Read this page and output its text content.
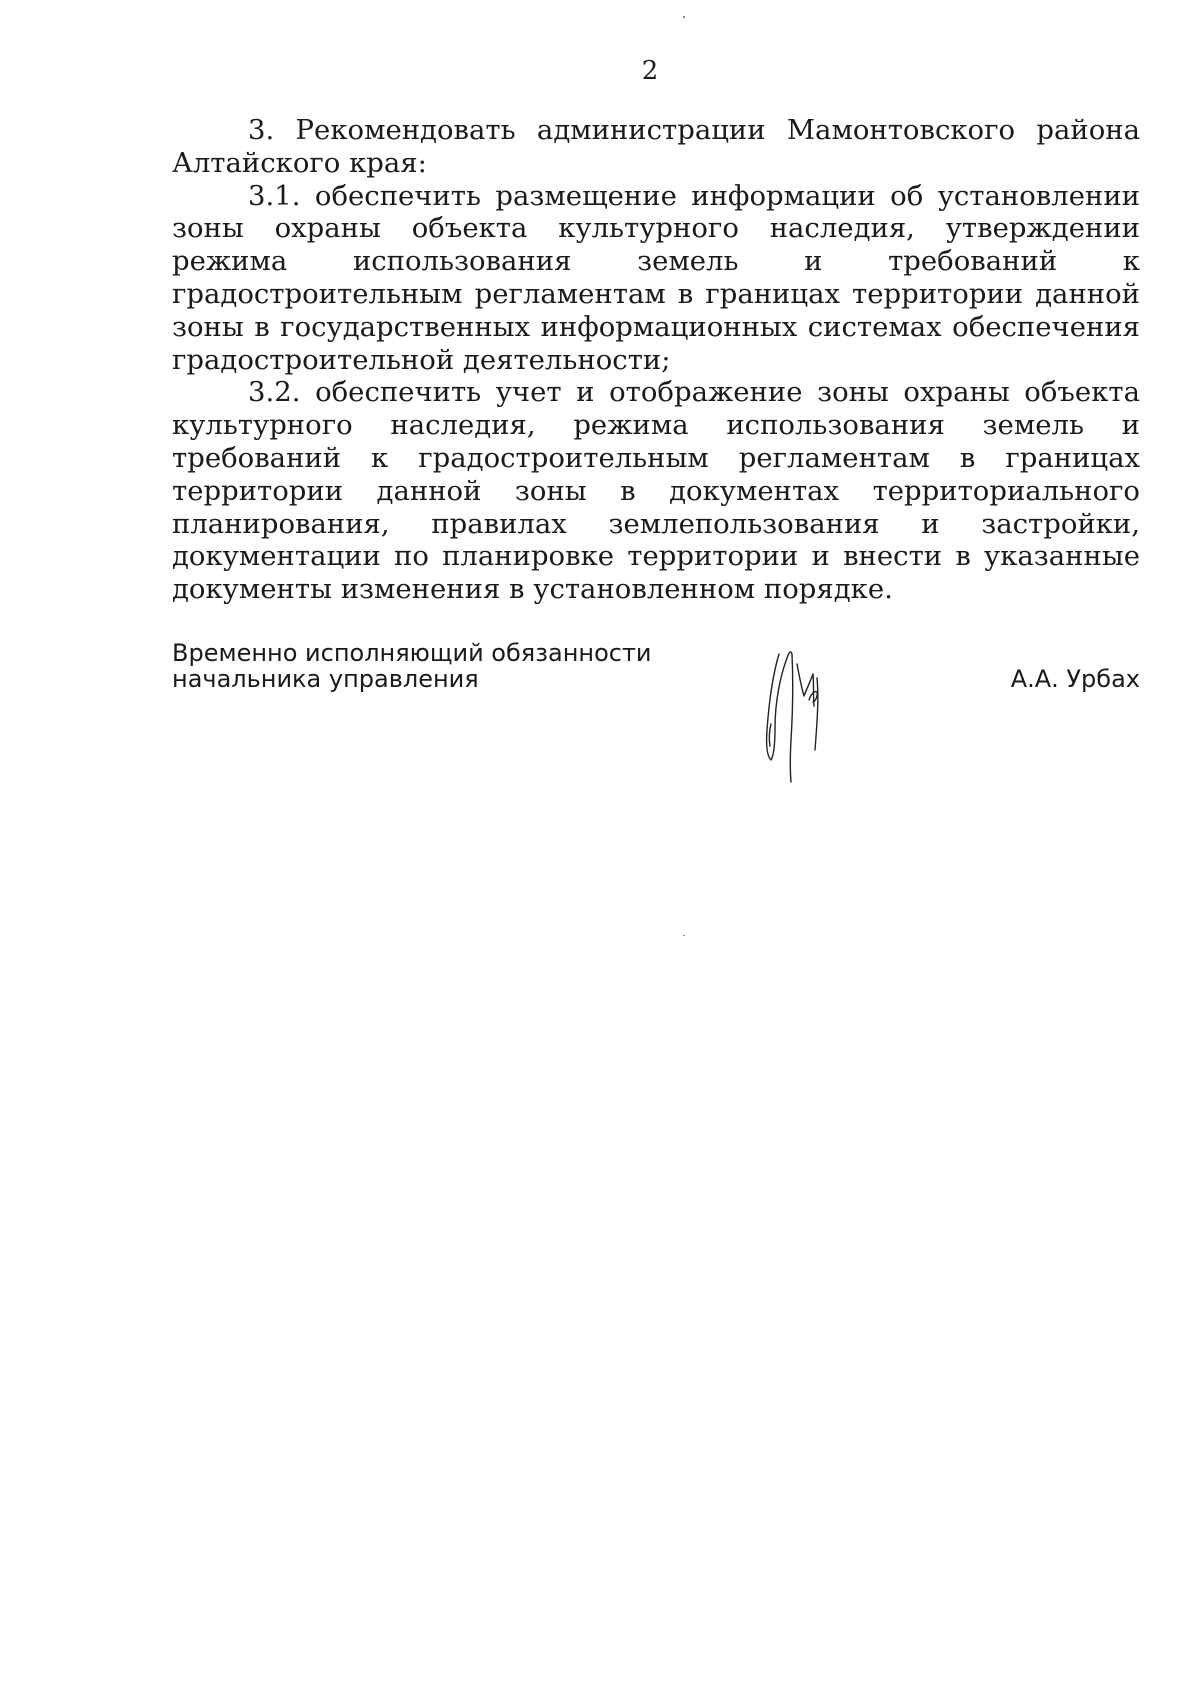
2

3. Рекомендовать администрации Мамонтовского района Алтайского края:

3.1. обеспечить размещение информации об установлении зоны охраны объекта культурного наследия, утверждении режима использования земель и требований к градостроительным регламентам в границах территории данной зоны в государственных информационных системах обеспечения градостроительной деятельности;

3.2. обеспечить учет и отображение зоны охраны объекта культурного наследия, режима использования земель и требований к градостроительным регламентам в границах территории данной зоны в документах территориального планирования, правилах землепользования и застройки, документации по планировке территории и внести в указанные документы изменения в установленном порядке.

Временно исполняющий обязанности
начальника управления	А.А. Урбах
